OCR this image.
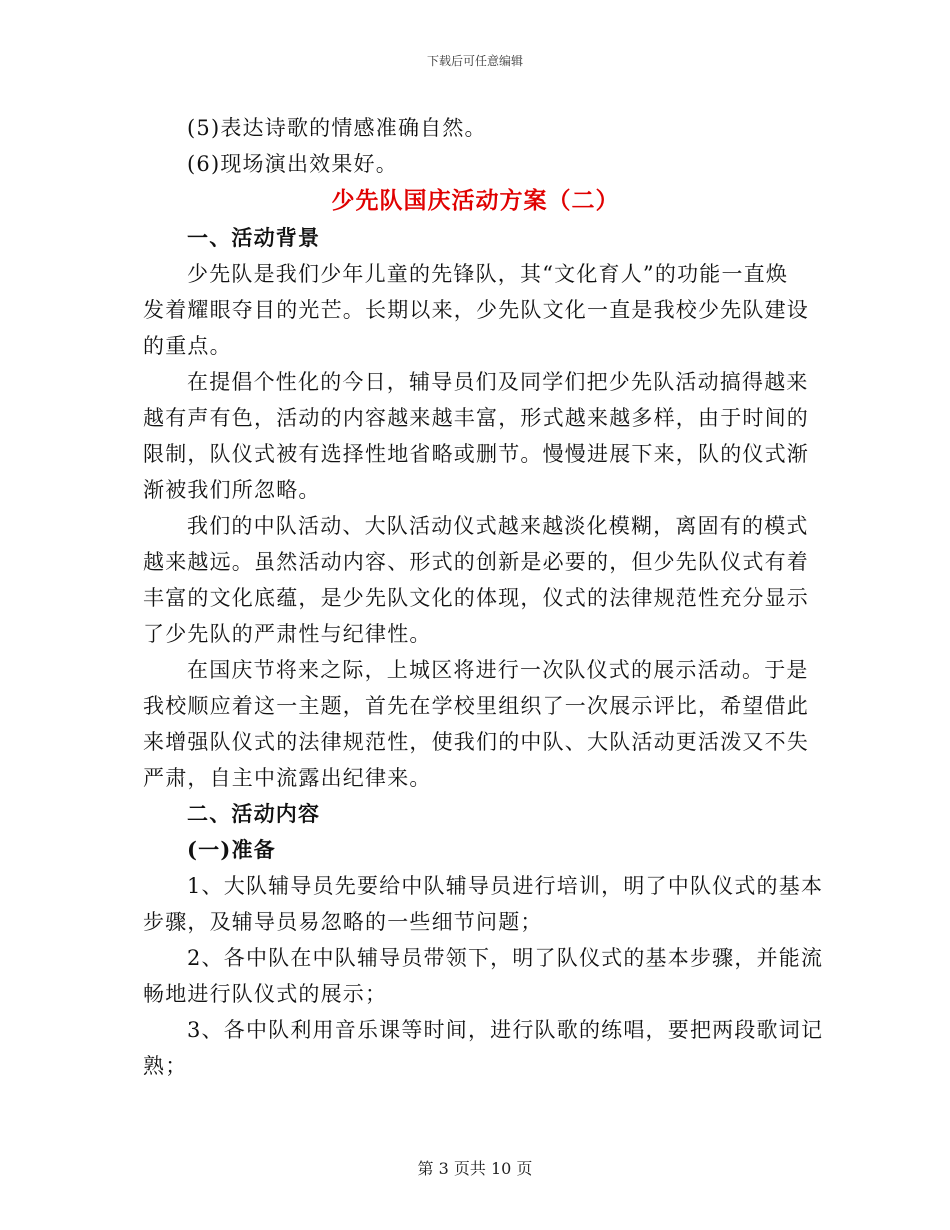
下载后可任意编辑
(5)表达诗歌的情感准确自然。
(6)现场演出效果好。
少先队国庆活动方案（二）
一、活动背景
少先队是我们少年儿童的先锋队，其“文化育人”的功能一直焕
发着耀眼夺目的光芒。长期以来，少先队文化一直是我校少先队建设
的重点。
在提倡个性化的今日，辅导员们及同学们把少先队活动搞得越来
越有声有色，活动的内容越来越丰富，形式越来越多样，由于时间的
限制，队仪式被有选择性地省略或删节。慢慢进展下来，队的仪式渐
渐被我们所忽略。
我们的中队活动、大队活动仪式越来越淡化模糊，离固有的模式
越来越远。虽然活动内容、形式的创新是必要的，但少先队仪式有着
丰富的文化底蕴，是少先队文化的体现，仪式的法律规范性充分显示
了少先队的严肃性与纪律性。
在国庆节将来之际，上城区将进行一次队仪式的展示活动。于是
我校顺应着这一主题，首先在学校里组织了一次展示评比，希望借此
来增强队仪式的法律规范性，使我们的中队、大队活动更活泼又不失
严肃，自主中流露出纪律来。
二、活动内容
(一)准备
1、大队辅导员先要给中队辅导员进行培训，明了中队仪式的基本
步骤，及辅导员易忽略的一些细节问题；
2、各中队在中队辅导员带领下，明了队仪式的基本步骤，并能流
畅地进行队仪式的展示；
3、各中队利用音乐课等时间，进行队歌的练唱，要把两段歌词记
熟；
第 3 页共 10 页
